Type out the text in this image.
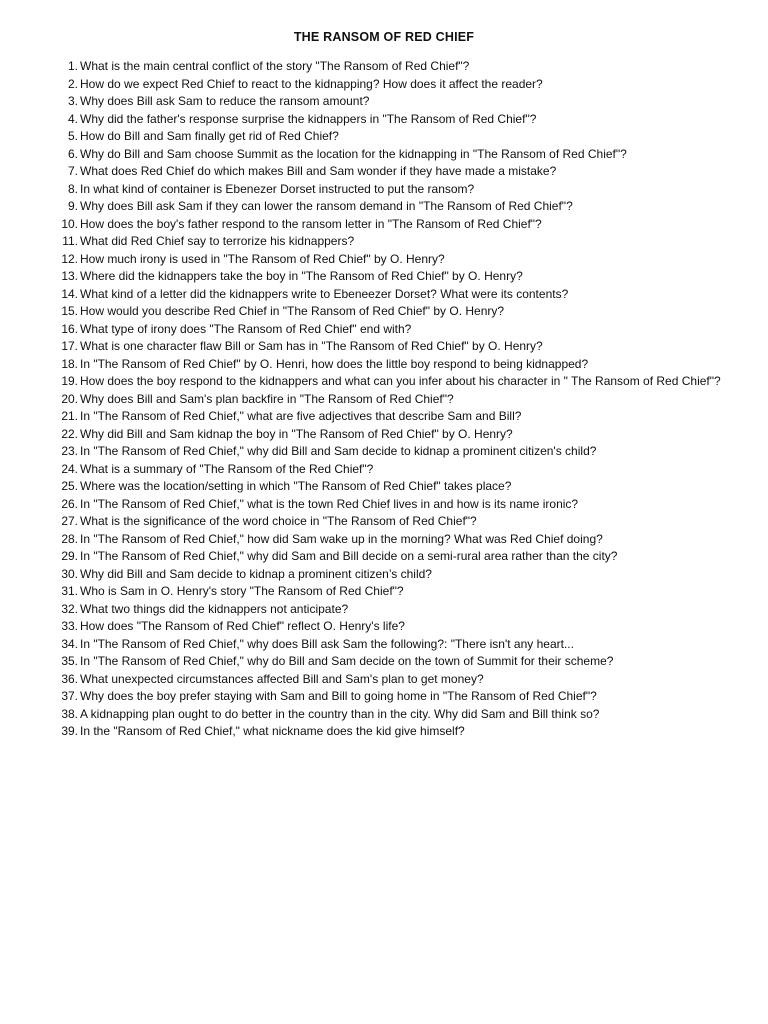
THE RANSOM OF RED CHIEF
1. What is the main central conflict of the story "The Ransom of Red Chief"?
2. How do we expect Red Chief to react to the kidnapping? How does it affect the reader?
3. Why does Bill ask Sam to reduce the ransom amount?
4. Why did the father's response surprise the kidnappers in "The Ransom of Red Chief"?
5. How do Bill and Sam finally get rid of Red Chief?
6. Why do Bill and Sam choose Summit as the location for the kidnapping in "The Ransom of Red Chief"?
7. What does Red Chief do which makes Bill and Sam wonder if they have made a mistake?
8. In what kind of container is Ebenezer Dorset instructed to put the ransom?
9. Why does Bill ask Sam if they can lower the ransom demand in "The Ransom of Red Chief"?
10. How does the boy's father respond to the ransom letter in "The Ransom of Red Chief"?
11. What did Red Chief say to terrorize his kidnappers?
12. How much irony is used in "The Ransom of Red Chief" by O. Henry?
13. Where did the kidnappers take the boy in "The Ransom of Red Chief" by O. Henry?
14. What kind of a letter did the kidnappers write to Ebeneezer Dorset? What were its contents?
15. How would you describe Red Chief in "The Ransom of Red Chief" by O. Henry?
16. What type of irony does "The Ransom of Red Chief" end with?
17. What is one character flaw Bill or Sam has in "The Ransom of Red Chief" by O. Henry?
18. In "The Ransom of Red Chief" by O. Henri, how does the little boy respond to being kidnapped?
19. How does the boy respond to the kidnappers and what can you infer about his character in " The Ransom of Red Chief"?
20. Why does Bill and Sam's plan backfire in "The Ransom of Red Chief"?
21. In "The Ransom of Red Chief," what are five adjectives that describe Sam and Bill?
22. Why did Bill and Sam kidnap the boy in "The Ransom of Red Chief" by O. Henry?
23. In "The Ransom of Red Chief," why did Bill and Sam decide to kidnap a prominent citizen's child?
24. What is a summary of "The Ransom of the Red Chief"?
25. Where was the location/setting in which "The Ransom of Red Chief" takes place?
26. In "The Ransom of Red Chief," what is the town Red Chief lives in and how is its name ironic?
27. What is the significance of the word choice in "The Ransom of Red Chief"?
28. In "The Ransom of Red Chief," how did Sam wake up in the morning? What was Red Chief doing?
29. In "The Ransom of Red Chief," why did Sam and Bill decide on a semi-rural area rather than the city?
30. Why did Bill and Sam decide to kidnap a prominent citizen’s child?
31. Who is Sam in O. Henry's story "The Ransom of Red Chief"?
32. What two things did the kidnappers not anticipate?
33. How does "The Ransom of Red Chief" reflect O. Henry's life?
34. In "The Ransom of Red Chief," why does Bill ask Sam the following?: "There isn't any heart...
35. In "The Ransom of Red Chief," why do Bill and Sam decide on the town of Summit for their scheme?
36. What unexpected circumstances affected Bill and Sam's plan to get money?
37. Why does the boy prefer staying with Sam and Bill to going home in "The Ransom of Red Chief"?
38. A kidnapping plan ought to do better in the country than in the city. Why did Sam and Bill think so?
39. In the "Ransom of Red Chief," what nickname does the kid give himself?
